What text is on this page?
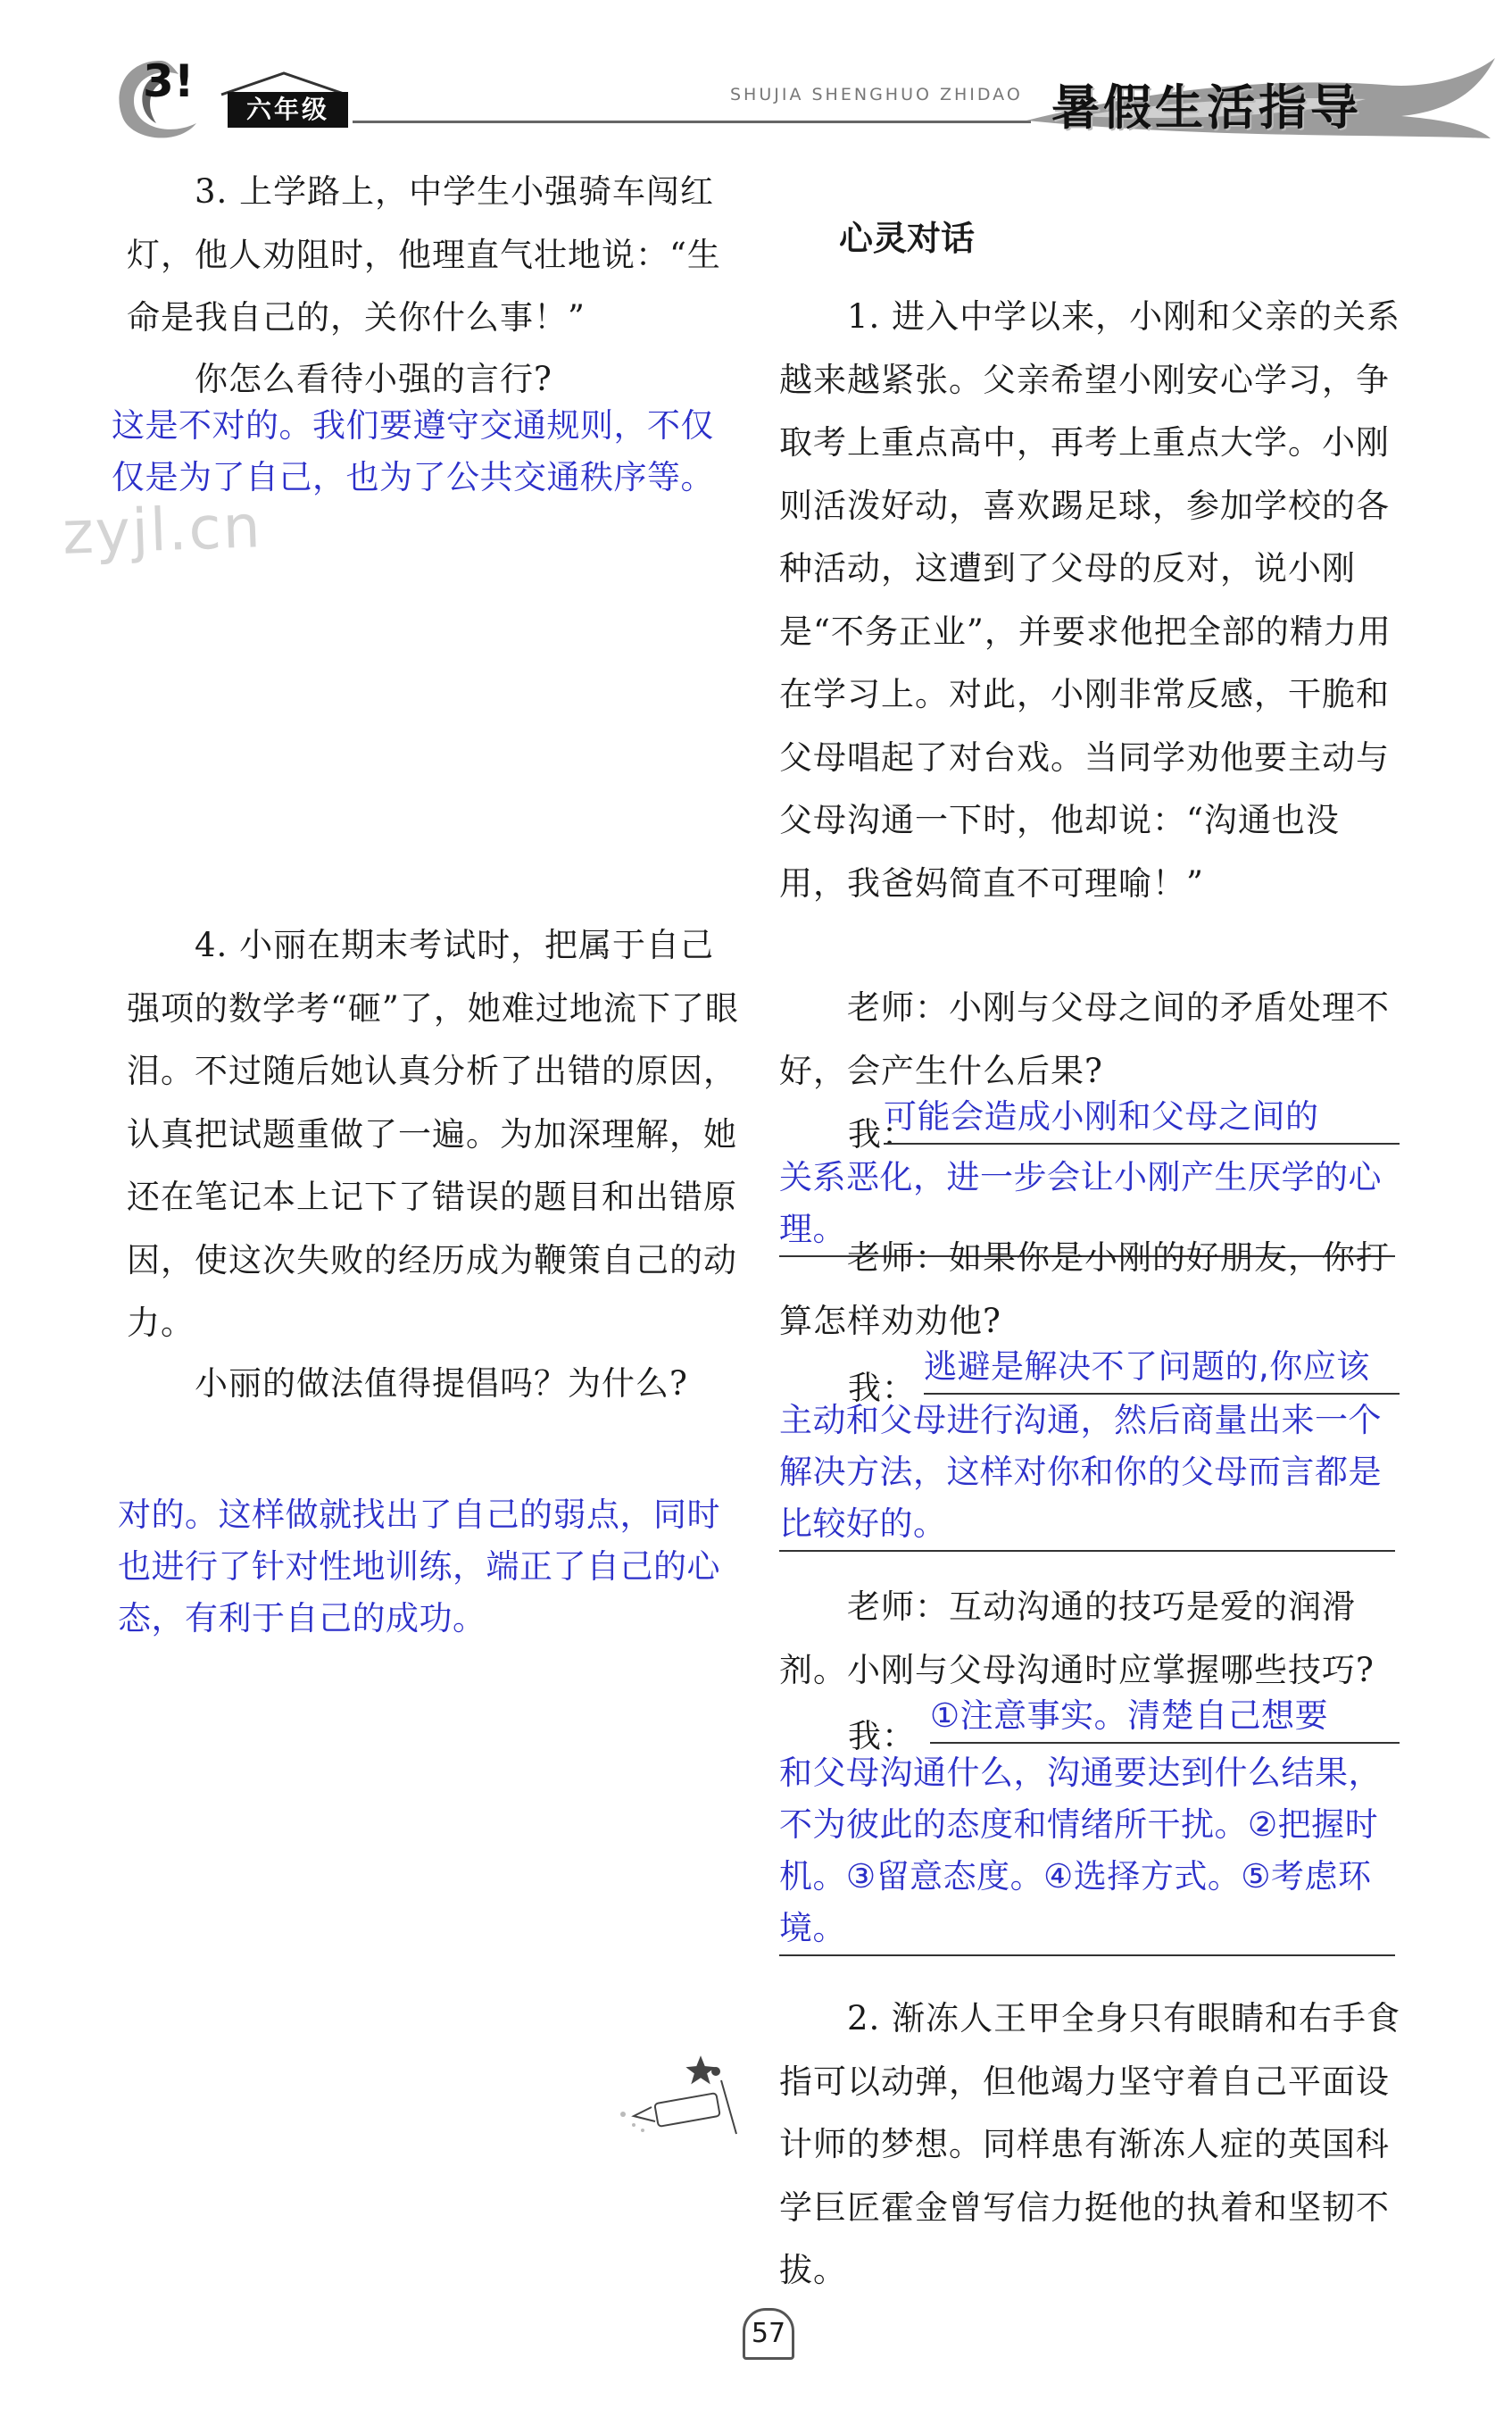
3!
六年级	SHUJIA SHENGHUO ZHIDAO 暑假生活指导
zyjl.cn
3. 上学路上，中学生小强骑车闯红灯，他人劝阻时，他理直气壮地说：“生命是我自己的，关你什么事！”
你怎么看待小强的言行?
这是不对的。我们要遵守交通规则，不仅仅是为了自己，也为了公共交通秩序等。
4. 小丽在期末考试时，把属于自己强项的数学考“砸”了，她难过地流下了眼泪。不过随后她认真分析了出错的原因，认真把试题重做了一遍。为加深理解，她还在笔记本上记下了错误的题目和出错原因，使这次失败的经历成为鞭策自己的动力。
小丽的做法值得提倡吗？为什么?
对的。这样做就找出了自己的弱点，同时也进行了针对性地训练，端正了自己的心态，有利于自己的成功。
心灵对话
1. 进入中学以来，小刚和父亲的关系越来越紧张。父亲希望小刚安心学习，争取考上重点高中，再考上重点大学。小刚则活泼好动，喜欢踢足球，参加学校的各种活动，这遭到了父母的反对，说小刚是“不务正业”，并要求他把全部的精力用在学习上。对此，小刚非常反感，干脆和父母唱起了对台戏。当同学劝他要主动与父母沟通一下时，他却说：“沟通也没用，我爸妈简直不可理喻！”
老师：小刚与父母之间的矛盾处理不好，会产生什么后果?
我：
可能会造成小刚和父母之间的
关系恶化，进一步会让小刚产生厌学的心理。
老师：如果你是小刚的好朋友，你打算怎样劝劝他?
我：
逃避是解决不了问题的,你应该
主动和父母进行沟通，然后商量出来一个解决方法，这样对你和你的父母而言都是比较好的。
老师：互动沟通的技巧是爱的润滑剂。小刚与父母沟通时应掌握哪些技巧?
我：
①注意事实。清楚自己想要
和父母沟通什么，沟通要达到什么结果，不为彼此的态度和情绪所干扰。②把握时机。③留意态度。④选择方式。⑤考虑环境。
2. 渐冻人王甲全身只有眼睛和右手食指可以动弹，但他竭力坚守着自己平面设计师的梦想。同样患有渐冻人症的英国科学巨匠霍金曾写信力挺他的执着和坚韧不拔。
57
